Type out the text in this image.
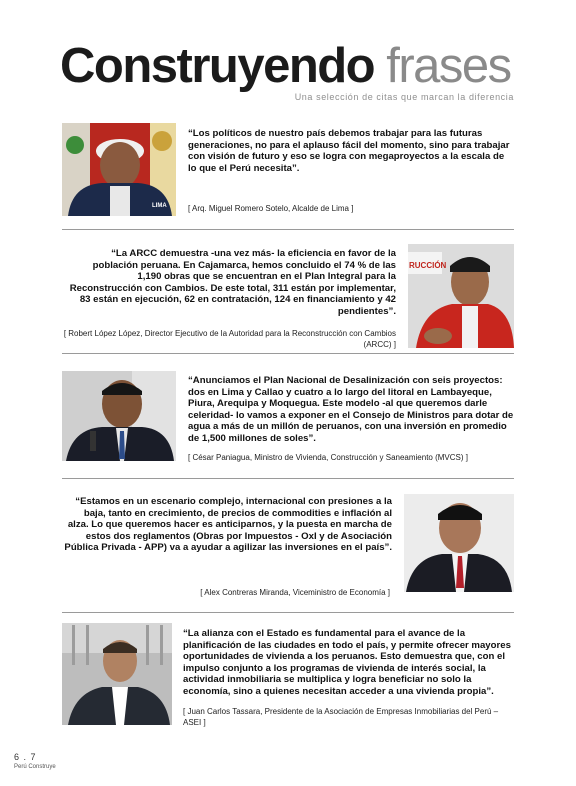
Construyendo frases
Una selección de citas que marcan la diferencia
LIMA
“Los políticos de nuestro país debemos trabajar para las futuras generaciones, no para el aplauso fácil del momento, sino para trabajar con visión de futuro y eso se logra con megaproyectos a la escala de lo que el Perú necesita”.
[ Arq. Miguel Romero Sotelo, Alcalde de Lima ]
“La ARCC demuestra -una vez más- la eficiencia en favor de la población peruana. En Cajamarca, hemos concluido el 74 % de las 1,190 obras que se encuentran en el Plan Integral para la Reconstrucción con Cambios. De este total, 311 están por implementar, 83 están en ejecución, 62 en contratación, 124 en financiamiento y 42 pendientes”.
RUCCIÓN
[ Robert López López, Director Ejecutivo de la Autoridad para la Reconstrucción con Cambios (ARCC) ]
“Anunciamos el Plan Nacional de Desalinización con seis proyectos: dos en Lima y Callao y cuatro a lo largo del litoral en Lambayeque, Piura, Arequipa y Moquegua. Este modelo -al que queremos darle celeridad- lo vamos a exponer en el Consejo de Ministros para dotar de agua a más de un millón de peruanos, con una inversión en promedio de 1,500 millones de soles”.
[ César Paniagua, Ministro de Vivienda, Construcción y Saneamiento (MVCS) ]
“Estamos en un escenario complejo, internacional con presiones a la baja, tanto en crecimiento, de precios de commodities e inflación al alza. Lo que queremos hacer es anticiparnos, y la puesta en marcha de estos dos reglamentos (Obras por Impuestos - OxI y de Asociación Pública Privada - APP) va a ayudar a agilizar las inversiones en el país”.
[ Alex Contreras Miranda, Viceministro de Economía ]
“La alianza con el Estado es fundamental para el avance de la planificación de las ciudades en todo el país, y permite ofrecer mayores oportunidades de vivienda a los peruanos. Esto demuestra que, con el impulso conjunto a los programas de vivienda de interés social, la actividad inmobiliaria se multiplica y logra beneficiar no solo la economía, sino a quienes necesitan acceder a una vivienda propia”.
[ Juan Carlos Tassara, Presidente de la Asociación de Empresas Inmobiliarias del Perú – ASEI ]
6 . 7
Perú Construye
